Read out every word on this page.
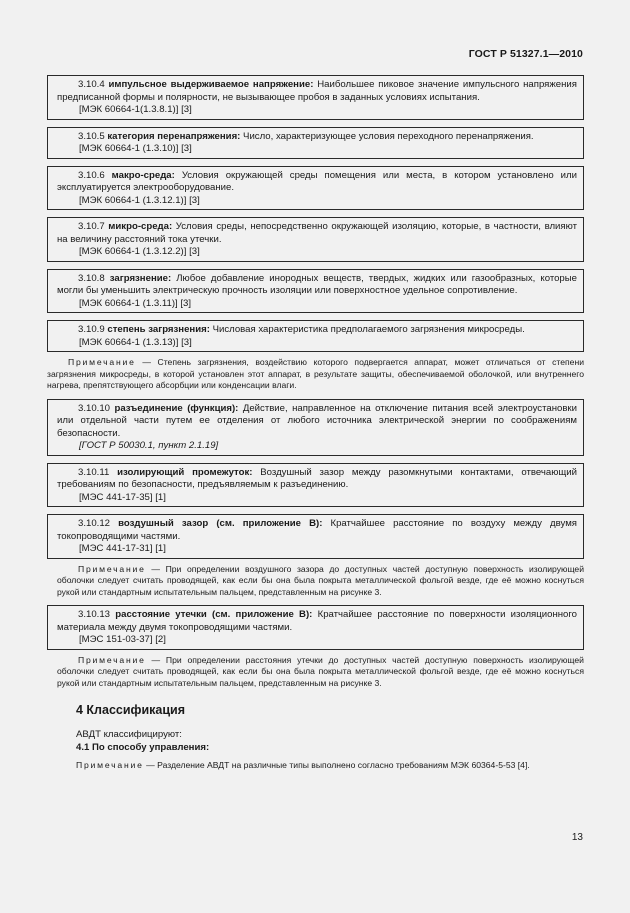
ГОСТ Р 51327.1—2010

3.10.4 импульсное выдерживаемое напряжение: Наибольшее пиковое значение импульсного напряжения предписанной формы и полярности, не вызывающее пробоя в заданных условиях испытания.

[МЭК 60664-1(1.3.8.1)] [3]

3.10.5 категория перенапряжения: Число, характеризующее условия переходного перенапряжения.

[МЭК 60664-1 (1.3.10)] [3]

3.10.6 макро-среда: Условия окружающей среды помещения или места, в котором установлено или эксплуатируется электрооборудование.

[МЭК 60664-1 (1.3.12.1)] [3]

3.10.7 микро-среда: Условия среды, непосредственно окружающей изоляцию, которые, в частности, влияют на величину расстояний тока утечки.

[МЭК 60664-1 (1.3.12.2)] [3]

3.10.8 загрязнение: Любое добавление инородных веществ, твердых, жидких или газообразных, которые могли бы уменьшить электрическую прочность изоляции или поверхностное удельное сопротивление.

[МЭК 60664-1 (1.3.11)] [3]

3.10.9 степень загрязнения: Числовая характеристика предполагаемого загрязнения микросреды.

[МЭК 60664-1 (1.3.13)] [3]

Примечание — Степень загрязнения, воздействию которого подвергается аппарат, может отличаться от степени загрязнения микросреды, в которой установлен этот аппарат, в результате защиты, обеспечиваемой оболочкой, или внутреннего нагрева, препятствующего абсорбции или конденсации влаги.

3.10.10 разъединение (функция): Действие, направленное на отключение питания всей электроустановки или отдельной части путем ее отделения от любого источника электрической энергии по соображениям безопасности.

[ГОСТ Р 50030.1, пункт 2.1.19]

3.10.11 изолирующий промежуток: Воздушный зазор между разомкнутыми контактами, отвечающий требованиям по безопасности, предъявляемым к разъединению.

[МЭС 441-17-35] [1]

3.10.12 воздушный зазор (см. приложение В): Кратчайшее расстояние по воздуху между двумя токопроводящими частями.

[МЭС 441-17-31] [1]

Примечание — При определении воздушного зазора до доступных частей доступную поверхность изолирующей оболочки следует считать проводящей, как если бы она была покрыта металлической фольгой везде, где её можно коснуться рукой или стандартным испытательным пальцем, представленным на рисунке 3.

3.10.13 расстояние утечки (см. приложение В): Кратчайшее расстояние по поверхности изоляционного материала между двумя токопроводящими частями.

[МЭС 151-03-37] [2]

Примечание — При определении расстояния утечки до доступных частей доступную поверхность изолирующей оболочки следует считать проводящей, как если бы она была покрыта металлической фольгой везде, где её можно коснуться рукой или стандартным испытательным пальцем, представленным на рисунке 3.

4 Классификация

АВДТ классифицируют:

4.1 По способу управления:

Примечание — Разделение АВДТ на различные типы выполнено согласно требованиям МЭК 60364-5-53 [4].

13
